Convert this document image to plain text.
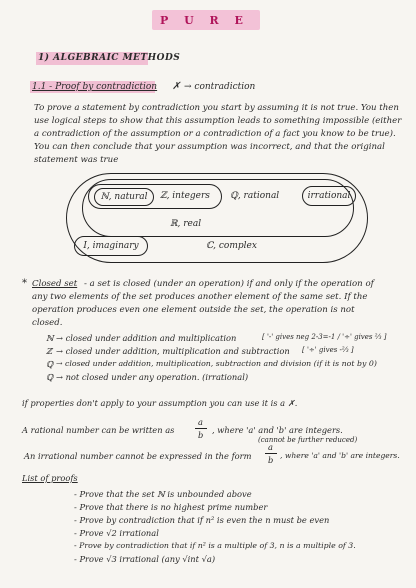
P U R E
1) ALGEBRAIC METHODS
1.1 - Proof by contradiction ✗ → contradiction
To prove a statement by contradiction you start by assuming it is not true. You then
use logical steps to show that this assumption leads to something impossible (either
a contradiction of the assumption or a contradiction of a fact you know to be true).
You can then conclude that your assumption was incorrect, and that the original
statement was true
ℕ, natural	ℤ, integers ℚ, rational	irrational
ℝ, real
I, imaginary	ℂ, complex
* Closed set - a set is closed (under an operation) if and only if the operation of
any two elements of the set produces another element of the same set. If the
operation produces even one element outside the set, the operation is not
closed.
ℕ → closed under addition and multiplication	[ '-' gives neg 2-3=-1 / '÷' gives ⅔ ]
ℤ → closed under addition, multiplication and subtraction [ '÷' gives -⅔ ]
ℚ → closed under addition, multiplication, subtraction and division (if it is not by 0)
ℚ → not closed under any operation. (irrational)
if properties don't apply to your assumption you can use it is a ✗.
A rational number can be written as
a
b , where 'a' and 'b' are integers.
(cannot be further reduced)
An irrational number cannot be expressed in the form
a
b , where 'a' and 'b' are integers.
List of proofs
- Prove that the set ℕ is unbounded above
- Prove that there is no highest prime number
- Prove by contradiction that if n² is even the n must be even
- Prove √2 irrational
- Prove by contradiction that if n² is a multiple of 3, n is a multiple of 3.
- Prove √3 irrational (any √int √a)
